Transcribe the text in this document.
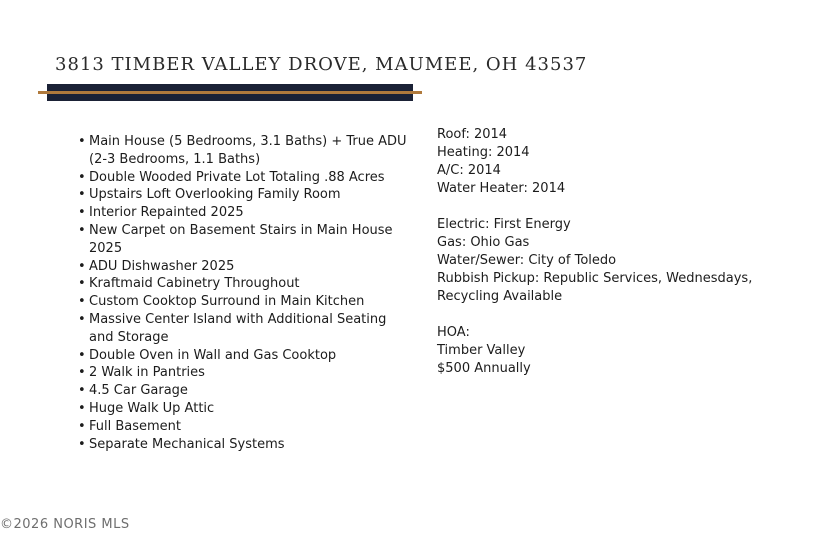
3813 TIMBER VALLEY DROVE, MAUMEE, OH 43537
• Main House (5 Bedrooms, 3.1 Baths) + True ADU (2-3 Bedrooms, 1.1 Baths)
• Double Wooded Private Lot Totaling .88 Acres
• Upstairs Loft Overlooking Family Room
• Interior Repainted 2025
• New Carpet on Basement Stairs in Main House 2025
• ADU Dishwasher 2025
• Kraftmaid Cabinetry Throughout
• Custom Cooktop Surround in Main Kitchen
• Massive Center Island with Additional Seating and Storage
• Double Oven in Wall and Gas Cooktop
• 2 Walk in Pantries
• 4.5 Car Garage
• Huge Walk Up Attic
• Full Basement
• Separate Mechanical Systems
Roof: 2014
Heating: 2014
A/C: 2014
Water Heater: 2014
Electric: First Energy
Gas: Ohio Gas
Water/Sewer: City of Toledo
Rubbish Pickup: Republic Services, Wednesdays,
Recycling Available
HOA:
Timber Valley
$500 Annually
©2026 NORIS MLS
